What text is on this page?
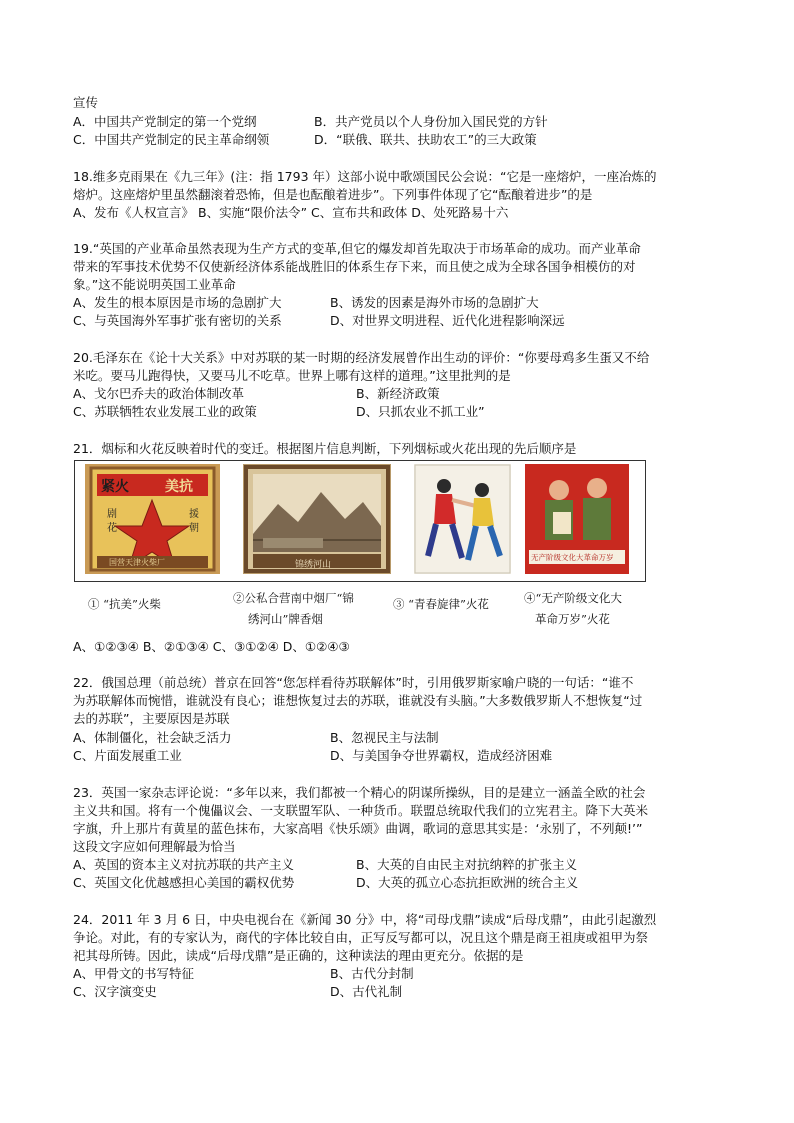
宣传
A．中国共产党制定的第一个党纲	B．共产党员以个人身份加入国民党的方针
C．中国共产党制定的民主革命纲领	D．“联俄、联共、扶助农工”的三大政策
18.维多克雨果在《九三年》(注：指 1793 年）这部小说中歌颂国民公会说：“它是一座熔炉，一座冶炼的
熔炉。这座熔炉里虽然翻滚着恐怖，但是也酝酿着进步”。下列事件体现了它“酝酿着进步”的是
A、发布《人权宣言》 B、实施“限价法令” C、宣布共和政体 D、处死路易十六
19.“英国的产业革命虽然表现为生产方式的变革,但它的爆发却首先取决于市场革命的成功。而产业革命
带来的军事技术优势不仅使新经济体系能战胜旧的体系生存下来，而且使之成为全球各国争相模仿的对
象。”这不能说明英国工业革命
A、发生的根本原因是市场的急剧扩大	B、诱发的因素是海外市场的急剧扩大
C、与英国海外军事扩张有密切的关系	D、对世界文明进程、近代化进程影响深远
20.毛泽东在《论十大关系》中对苏联的某一时期的经济发展曾作出生动的评价：“你要母鸡多生蛋又不给
米吃。要马儿跑得快，又要马儿不吃草。世界上哪有这样的道理。”这里批判的是
A、戈尔巴乔夫的政治体制改革	B、新经济政策
C、苏联牺牲农业发展工业的政策	D、只抓农业不抓工业”
21．烟标和火花反映着时代的变迁。根据图片信息判断，下列烟标或火花出现的先后顺序是
紧火	美抗
剧花
援朝
国营天津火柴厂	锦绣河山
无产阶级文化大革命万岁
① “抗美”火柴	②公私合营南中烟厂“锦
绣河山”牌香烟
③ “青春旋律”火花	④“无产阶级文化大
革命万岁”火花
A、①②③④ B、②①③④ C、③①②④ D、①②④③
22．俄国总理（前总统）普京在回答“您怎样看待苏联解体”时，引用俄罗斯家喻户晓的一句话：“谁不
为苏联解体而惋惜，谁就没有良心；谁想恢复过去的苏联，谁就没有头脑。”大多数俄罗斯人不想恢复“过
去的苏联”，主要原因是苏联
A、体制僵化，社会缺乏活力	B、忽视民主与法制
C、片面发展重工业	D、与美国争夺世界霸权，造成经济困难
23．英国一家杂志评论说：“多年以来，我们都被一个精心的阴谋所操纵，目的是建立一涵盖全欧的社会
主义共和国。将有一个傀儡议会、一支联盟军队、一种货币。联盟总统取代我们的立宪君主。降下大英米
字旗，升上那片有黄星的蓝色抹布，大家高唱《快乐颂》曲调，歌词的意思其实是：‘永别了，不列颠!’”
这段文字应如何理解最为恰当
A、英国的资本主义对抗苏联的共产主义	B、大英的自由民主对抗纳粹的扩张主义
C、英国文化优越感担心美国的霸权优势	D、大英的孤立心态抗拒欧洲的统合主义
24．2011 年 3 月 6 日，中央电视台在《新闻 30 分》中，将“司母戊鼎”读成“后母戊鼎”，由此引起激烈
争论。对此，有的专家认为，商代的字体比较自由，正写反写都可以，况且这个鼎是商王祖庚或祖甲为祭
祀其母所铸。因此，读成“后母戊鼎”是正确的，这种读法的理由更充分。依据的是
A、甲骨文的书写特征	B、古代分封制
C、汉字演变史	D、古代礼制
